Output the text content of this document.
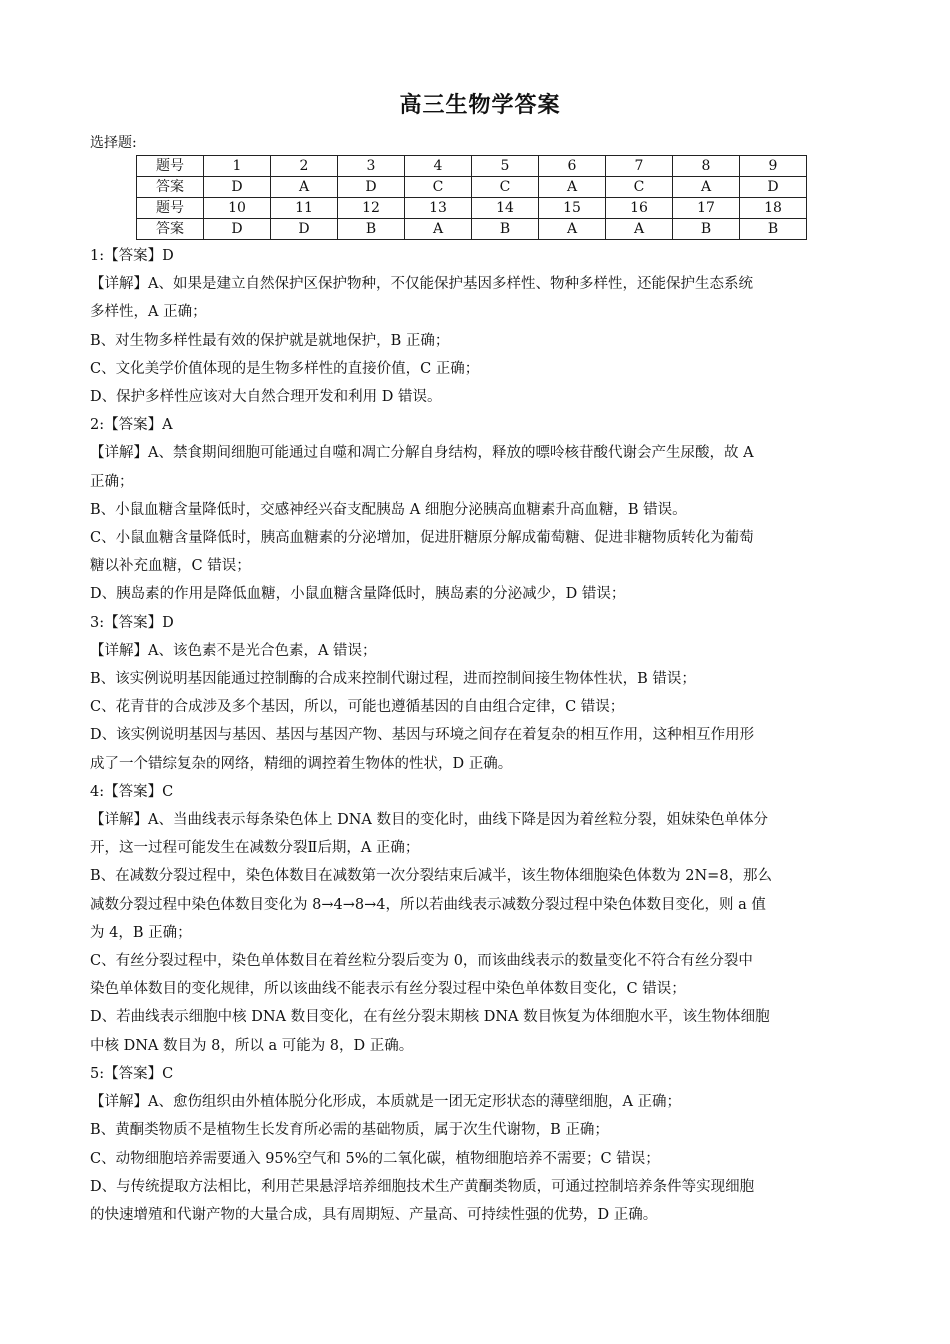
高三生物学答案
选择题:
题号	1	2	3	4	5	6	7	8	9
答案	D	A	D	C	C	A	C	A	D
题号	10	11	12	13	14	15	16	17	18
答案	D	D	B	A	B	A	A	B	B

1:【答案】D

【详解】A、如果是建立自然保护区保护物种，不仅能保护基因多样性、物种多样性，还能保护生态系统

多样性，A 正确；

B、对生物多样性最有效的保护就是就地保护，B 正确；

C、文化美学价值体现的是生物多样性的直接价值，C 正确；

D、保护多样性应该对大自然合理开发和利用 D 错误。

2:【答案】A

【详解】A、禁食期间细胞可能通过自噬和凋亡分解自身结构，释放的嘌呤核苷酸代谢会产生尿酸，故 A

正确；

B、小鼠血糖含量降低时，交感神经兴奋支配胰岛 A 细胞分泌胰高血糖素升高血糖，B 错误。

C、小鼠血糖含量降低时，胰高血糖素的分泌增加，促进肝糖原分解成葡萄糖、促进非糖物质转化为葡萄

糖以补充血糖，C 错误；

D、胰岛素的作用是降低血糖，小鼠血糖含量降低时，胰岛素的分泌减少，D 错误；

3:【答案】D

【详解】A、该色素不是光合色素，A 错误；

B、该实例说明基因能通过控制酶的合成来控制代谢过程，进而控制间接生物体性状，B 错误；

C、花青苷的合成涉及多个基因，所以，可能也遵循基因的自由组合定律，C 错误；

D、该实例说明基因与基因、基因与基因产物、基因与环境之间存在着复杂的相互作用，这种相互作用形

成了一个错综复杂的网络，精细的调控着生物体的性状，D 正确。

4:【答案】C

【详解】A、当曲线表示每条染色体上 DNA 数目的变化时，曲线下降是因为着丝粒分裂，姐妹染色单体分

开，这一过程可能发生在减数分裂Ⅱ后期，A 正确；

B、在减数分裂过程中，染色体数目在减数第一次分裂结束后减半，该生物体细胞染色体数为 2N=8，那么

减数分裂过程中染色体数目变化为 8→4→8→4，所以若曲线表示减数分裂过程中染色体数目变化，则 a 值

为 4，B 正确；

C、有丝分裂过程中，染色单体数目在着丝粒分裂后变为 0，而该曲线表示的数量变化不符合有丝分裂中

染色单体数目的变化规律，所以该曲线不能表示有丝分裂过程中染色单体数目变化，C 错误；

D、若曲线表示细胞中核 DNA 数目变化，在有丝分裂末期核 DNA 数目恢复为体细胞水平，该生物体细胞

中核 DNA 数目为 8，所以 a 可能为 8，D 正确。

5:【答案】C

【详解】A、愈伤组织由外植体脱分化形成，本质就是一团无定形状态的薄壁细胞，A 正确；

B、黄酮类物质不是植物生长发育所必需的基础物质，属于次生代谢物，B 正确；

C、动物细胞培养需要通入 95%空气和 5%的二氧化碳，植物细胞培养不需要；C 错误；

D、与传统提取方法相比，利用芒果悬浮培养细胞技术生产黄酮类物质，可通过控制培养条件等实现细胞

的快速增殖和代谢产物的大量合成，具有周期短、产量高、可持续性强的优势，D 正确。
